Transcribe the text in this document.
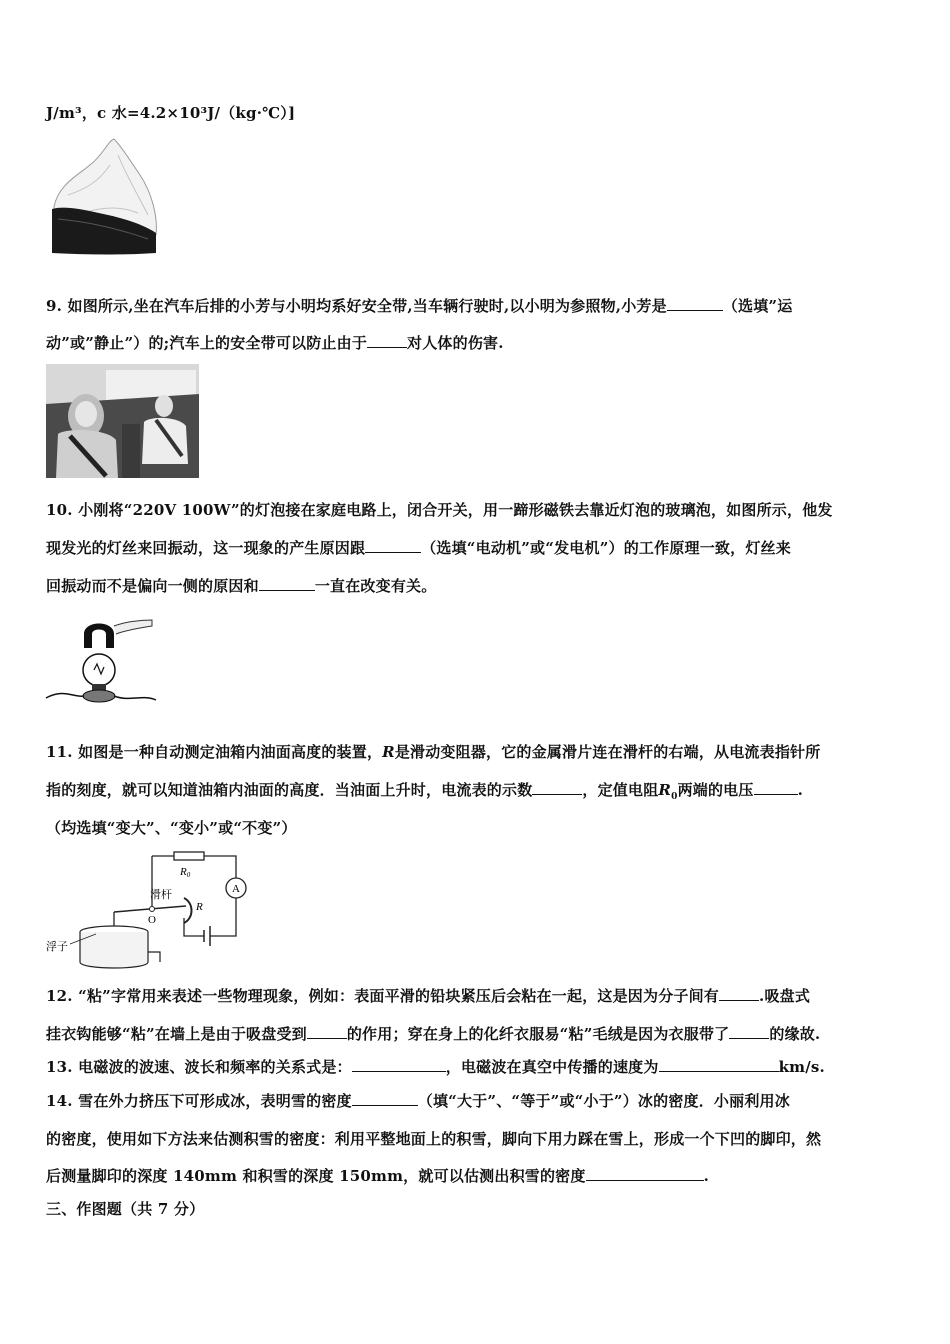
J/m³，c 水=4.2×10³J/（kg·℃）]
9. 如图所示,坐在汽车后排的小芳与小明均系好安全带,当车辆行驶时,以小明为参照物,小芳是	（选填”运
动”或”静止”）的;汽车上的安全带可以防止由于	对人体的伤害.
10. 小刚将“220V 100W”的灯泡接在家庭电路上，闭合开关，用一蹄形磁铁去靠近灯泡的玻璃泡，如图所示，他发
现发光的灯丝来回振动，这一现象的产生原因跟	（选填“电动机”或“发电机”）的工作原理一致，灯丝来
回振动而不是偏向一侧的原因和	一直在改变有关。
11. 如图是一种自动测定油箱内油面高度的装置，R是滑动变阻器，它的金属滑片连在滑杆的右端，从电流表指针所
指的刻度，就可以知道油箱内油面的高度．当油面上升时，电流表的示数	，定值电阻$R_0$两端的电压	.
（均选填“变大”、“变小”或“不变”）
R0
A
R
O
滑杆
浮子
12. “粘”字常用来表述一些物理现象，例如：表面平滑的铅块紧压后会粘在一起，这是因为分子间有	.吸盘式
挂衣钩能够“粘”在墙上是由于吸盘受到	的作用；穿在身上的化纤衣服易“粘”毛绒是因为衣服带了	的缘故.
13. 电磁波的波速、波长和频率的关系式是：	，电磁波在真空中传播的速度为	km/s.
14. 雪在外力挤压下可形成冰，表明雪的密度	（填“大于”、“等于”或“小于”）冰的密度．小丽利用冰
的密度，使用如下方法来估测积雪的密度：利用平整地面上的积雪，脚向下用力踩在雪上，形成一个下凹的脚印，然
后测量脚印的深度 140mm 和积雪的深度 150mm，就可以估测出积雪的密度	.
三、作图题（共 7 分）
